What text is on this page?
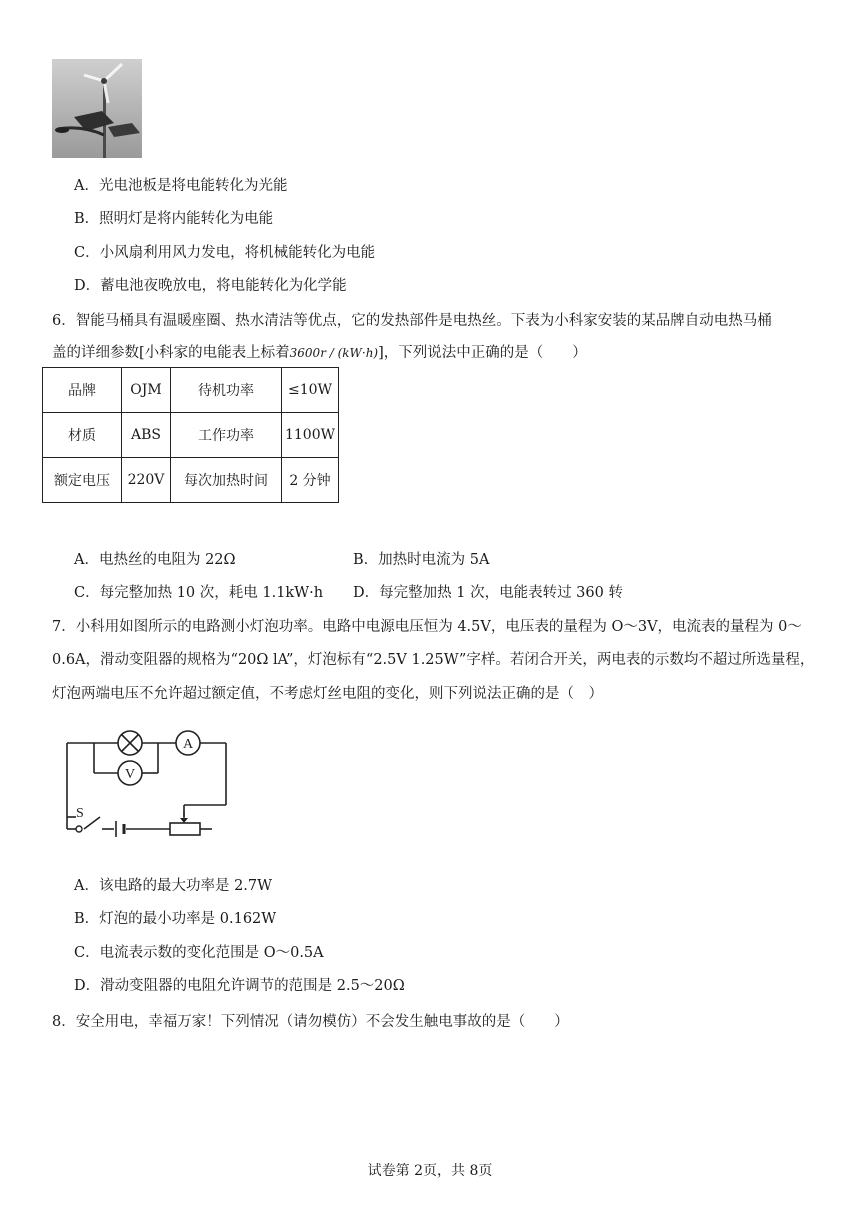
A．光电池板是将电能转化为光能
B．照明灯是将内能转化为电能
C．小风扇利用风力发电，将机械能转化为电能
D．蓄电池夜晚放电，将电能转化为化学能
6．智能马桶具有温暖座圈、热水清洁等优点，它的发热部件是电热丝。下表为小科家安装的某品牌自动电热马桶
盖的详细参数[小科家的电能表上标着3600r / (kW·h)]，下列说法中正确的是（　　）
品牌	OJM	待机功率	≤10W
材质	ABS	工作功率	1100W
额定电压	220V	每次加热时间	2 分钟
A．电热丝的电阻为 22Ω	B．加热时电流为 5A
C．每完整加热 10 次，耗电 1.1kW·h D．每完整加热 1 次，电能表转过 360 转
7．小科用如图所示的电路测小灯泡功率。电路中电源电压恒为 4.5V，电压表的量程为 O～3V，电流表的量程为 0～
0.6A，滑动变阻器的规格为“20Ω lA”，灯泡标有“2.5V 1.25W”字样。若闭合开关，两电表的示数均不超过所选量程，
灯泡两端电压不允许超过额定值，不考虑灯丝电阻的变化，则下列说法正确的是（　）
A
V
S
A．该电路的最大功率是 2.7W
B．灯泡的最小功率是 0.162W
C．电流表示数的变化范围是 O～0.5A
D．滑动变阻器的电阻允许调节的范围是 2.5～20Ω
8．安全用电，幸福万家！下列情况（请勿模仿）不会发生触电事故的是（　　）
试卷第 2页，共 8页
